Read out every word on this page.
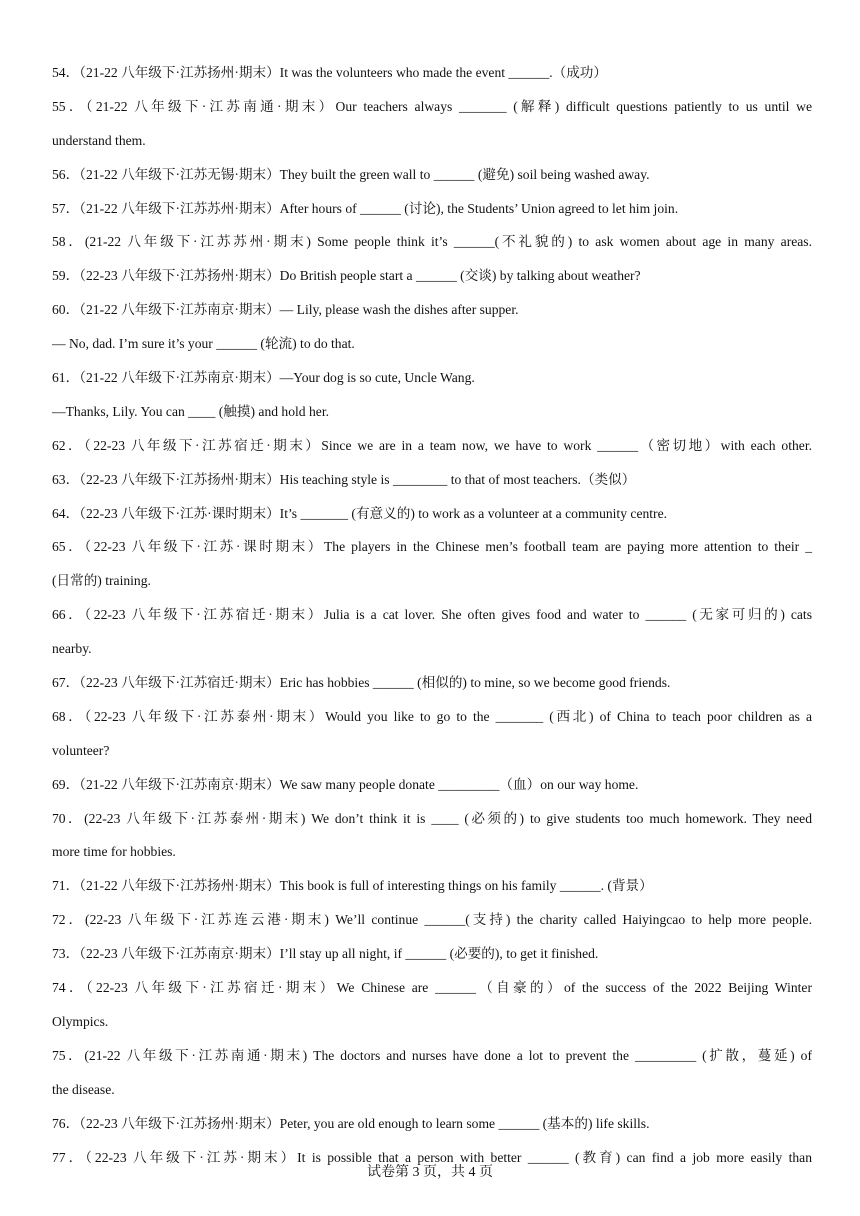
54．（21-22 八年级下·江苏扬州·期末）It was the volunteers who made the event ______.（成功）
55．（21-22 八年级下·江苏南通·期末）Our teachers always _______ (解释) difficult questions patiently to us until we
understand them.
56．（21-22 八年级下·江苏无锡·期末）They built the green wall to ______ (避免) soil being washed away.
57．（21-22 八年级下·江苏苏州·期末）After hours of ______ (讨论), the Students’ Union agreed to let him join.
58．(21-22 八年级下·江苏苏州·期末) Some people think it’s ______(不礼貌的) to ask women about age in many areas.
59．（22-23 八年级下·江苏扬州·期末）Do British people start a ______ (交谈) by talking about weather?
60．（21-22 八年级下·江苏南京·期末）— Lily, please wash the dishes after supper.
— No, dad. I’m sure it’s your ______ (轮流) to do that.
61．（21-22 八年级下·江苏南京·期末）—Your dog is so cute, Uncle Wang.
—Thanks, Lily. You can ____ (触摸) and hold her.
62．（22-23 八年级下·江苏宿迁·期末）Since we are in a team now, we have to work ______（密切地）with each other.
63．（22-23 八年级下·江苏扬州·期末）His teaching style is ________ to that of most teachers.（类似）
64．（22-23 八年级下·江苏·课时期末）It’s _______ (有意义的) to work as a volunteer at a community centre.
65．（22-23 八年级下·江苏·课时期末）The players in the Chinese men’s football team are paying more attention to their _
(日常的) training.
66．（22-23 八年级下·江苏宿迁·期末）Julia is a cat lover. She often gives food and water to ______ (无家可归的) cats
nearby.
67．（22-23 八年级下·江苏宿迁·期末）Eric has hobbies ______ (相似的) to mine, so we become good friends.
68．（22-23 八年级下·江苏泰州·期末）Would you like to go to the _______ (西北) of China to teach poor children as a
volunteer?
69．（21-22 八年级下·江苏南京·期末）We saw many people donate _________（血）on our way home.
70．(22-23 八年级下·江苏泰州·期末) We don’t think it is ____ (必须的) to give students too much homework. They need
more time for hobbies.
71．（21-22 八年级下·江苏扬州·期末）This book is full of interesting things on his family ______. (背景）
72．(22-23 八年级下·江苏连云港·期末) We’ll continue ______(支持) the charity called Haiyingcao to help more people.
73．（22-23 八年级下·江苏南京·期末）I’ll stay up all night, if ______ (必要的), to get it finished.
74．（22-23 八年级下·江苏宿迁·期末）We Chinese are ______（自豪的）of the success of the 2022 Beijing Winter
Olympics.
75．(21-22 八年级下·江苏南通·期末) The doctors and nurses have done a lot to prevent the _________ (扩散，蔓延) of
the disease.
76．（22-23 八年级下·江苏扬州·期末）Peter, you are old enough to learn some ______ (基本的) life skills.
77．（22-23 八年级下·江苏·期末）It is possible that a person with better ______ (教育) can find a job more easily than
试卷第 3 页，共 4 页
